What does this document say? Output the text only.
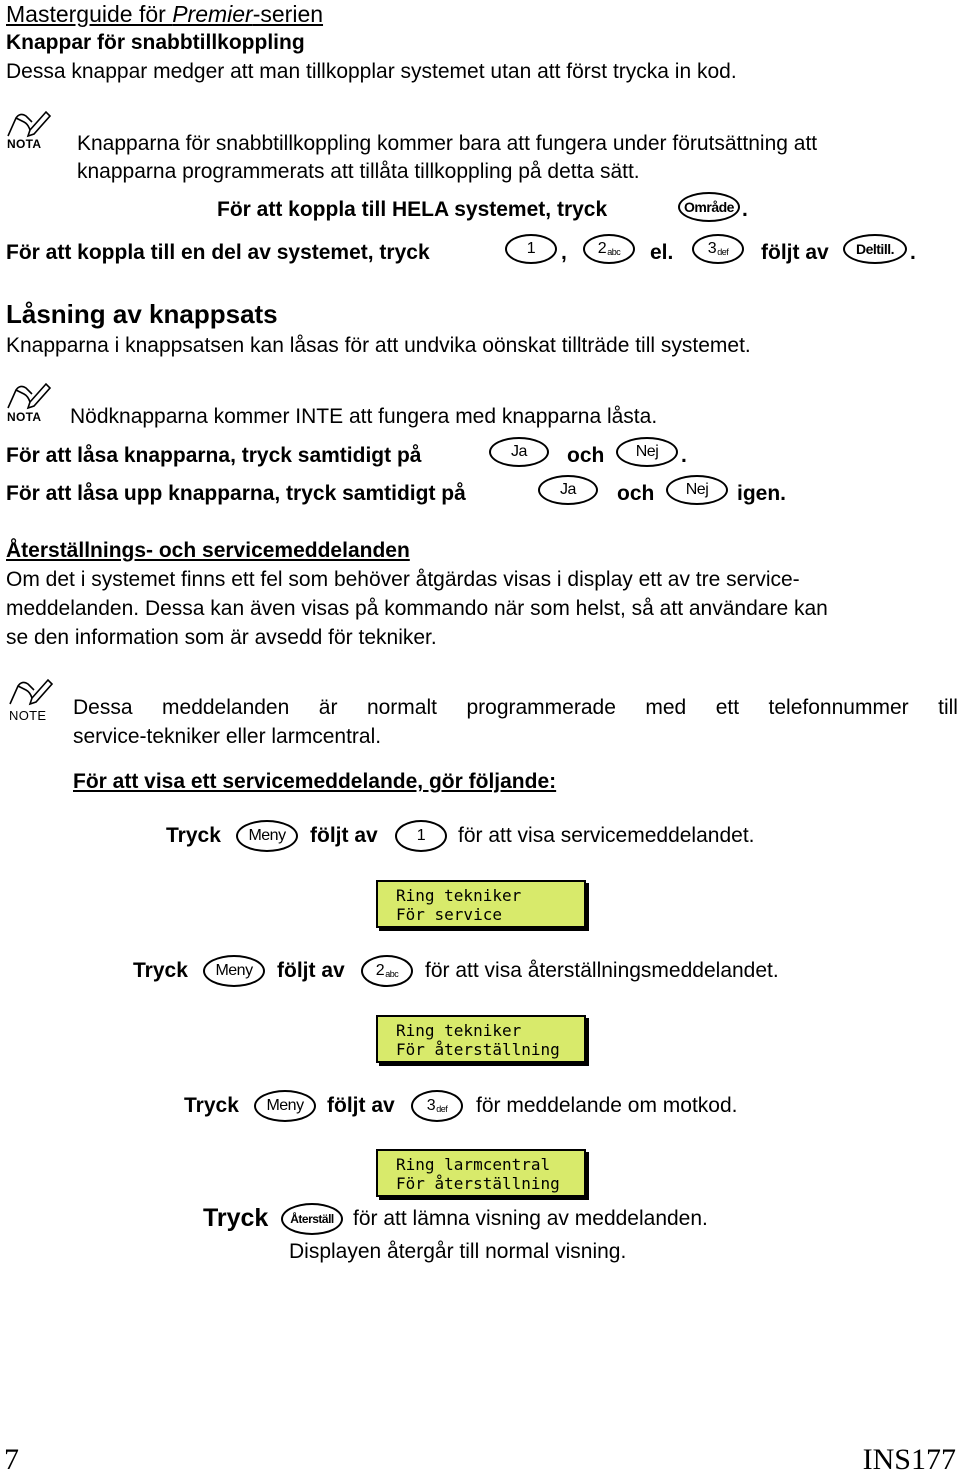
Masterguide för Premier-serien
Knappar för snabbtillkoppling
Dessa knappar medger att man tillkopplar systemet utan att först trycka in kod.
NOTA Knapparna för snabbtillkoppling kommer bara att fungera under förutsättning att
knapparna programmerats att tillåta tillkoppling på detta sätt.
För att koppla till HELA systemet, tryck	Område .
För att koppla till en del av systemet, tryck	1	, 2 abc el. 3 def följt av	Deltill. .
Låsning av knappsats
Knapparna i knappsatsen kan låsas för att undvika oönskat tillträde till systemet.
NOTA Nödknapparna kommer INTE att fungera med knapparna låsta.
För att låsa knapparna, tryck samtidigt på	Ja	och	Nej	.
För att låsa upp knapparna, tryck samtidigt på	Ja	och	Nej	igen.
Återställnings- och servicemeddelanden
Om det i systemet finns ett fel som behöver åtgärdas visas i display ett av tre service-
meddelanden. Dessa kan även visas på kommando när som helst, så att användare kan
se den information som är avsedd för tekniker.
NOTE Dessa meddelanden är normalt programmerade med ett telefonnummer till
service-tekniker eller larmcentral.
För att visa ett servicemeddelande, gör följande:
Tryck	Meny	följt av	1	för att visa servicemeddelandet.
Ring tekniker
För service
Tryck	Meny	följt av 2 abc för att visa återställningsmeddelandet.
Ring tekniker
För återställning
Tryck	Meny	följt av 3 def för meddelande om motkod.
Ring larmcentral
För återställning
Tryck	Återställ för att lämna visning av meddelanden.
Displayen återgår till normal visning.
7	INS177
